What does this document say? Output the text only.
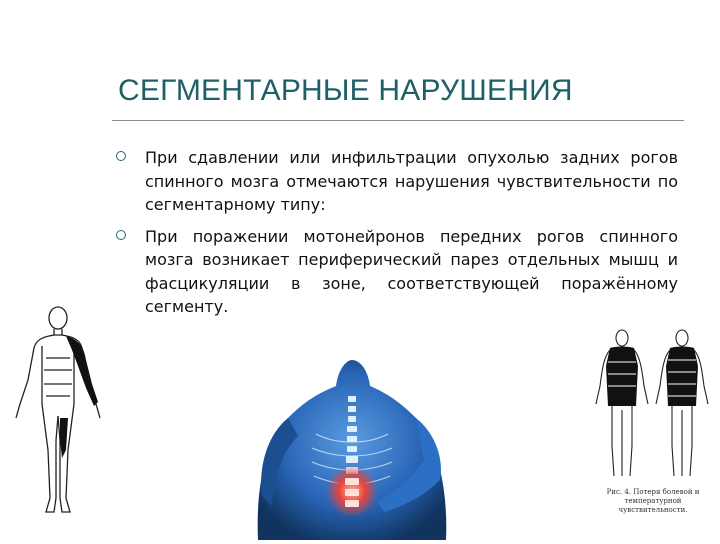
СЕГМЕНТАРНЫЕ НАРУШЕНИЯ
При сдавлении или инфильтрации опухолью задних рогов спинного мозга отмечаются нарушения чувствительности по сегментарному типу:
При поражении мотонейронов передних рогов спинного мозга возникает периферический парез отдельных мышц и фасцикуляции в зоне, соответствующей поражённому сегменту.
Рис. 4. Потеря болевой и температурной чувствительности.
